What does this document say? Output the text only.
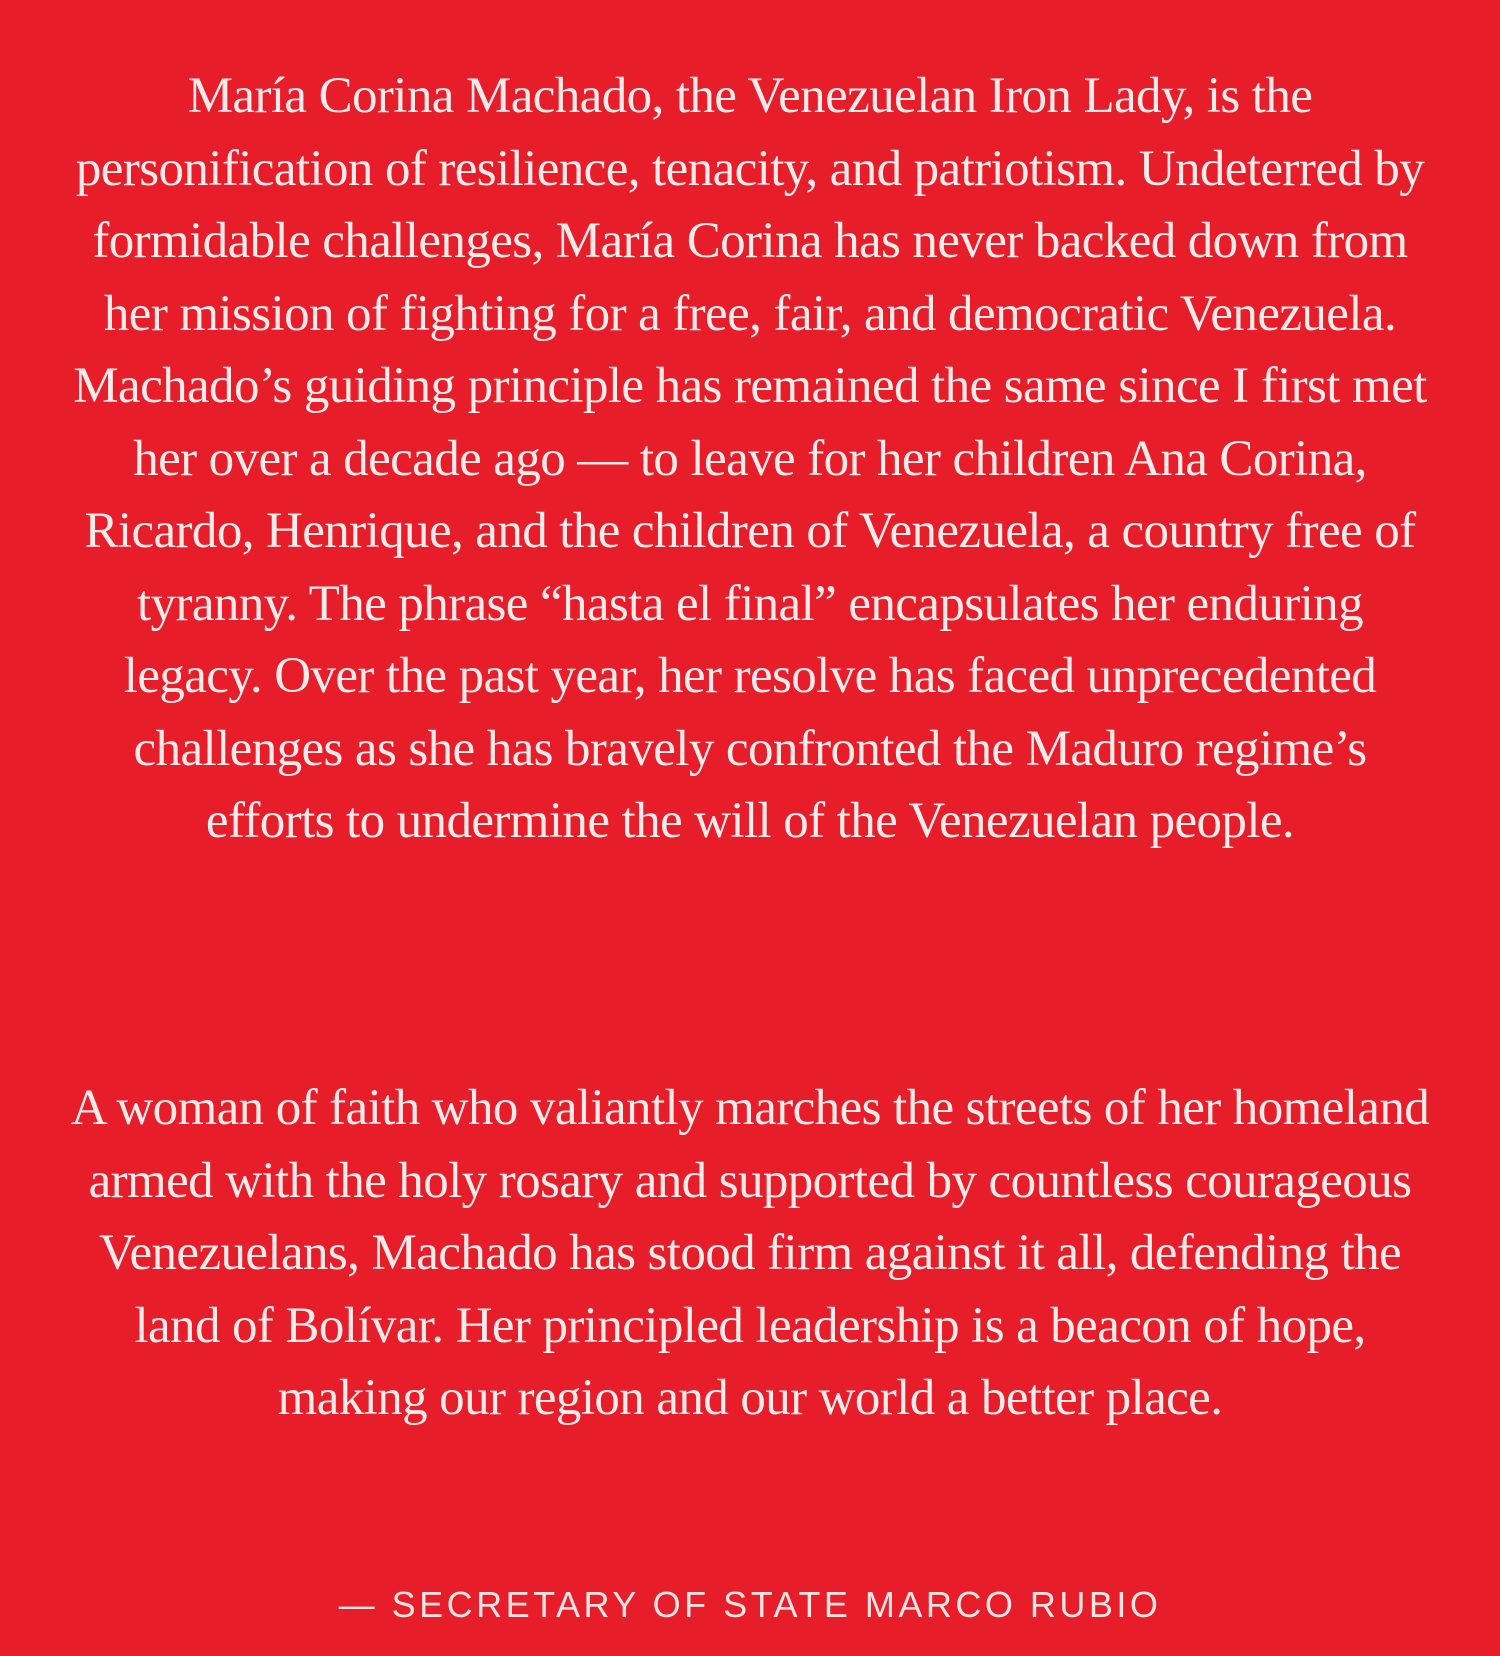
María Corina Machado, the Venezuelan Iron Lady, is the personification of resilience, tenacity, and patriotism. Undeterred by formidable challenges, María Corina has never backed down from her mission of fighting for a free, fair, and democratic Venezuela. Machado’s guiding principle has remained the same since I first met her over a decade ago — to leave for her children Ana Corina, Ricardo, Henrique, and the children of Venezuela, a country free of tyranny. The phrase “hasta el final” encapsulates her enduring legacy. Over the past year, her resolve has faced unprecedented challenges as she has bravely confronted the Maduro regime’s efforts to undermine the will of the Venezuelan people.

A woman of faith who valiantly marches the streets of her homeland armed with the holy rosary and supported by countless courageous Venezuelans, Machado has stood firm against it all, defending the land of Bolívar. Her principled leadership is a beacon of hope, making our region and our world a better place.

— SECRETARY OF STATE MARCO RUBIO
